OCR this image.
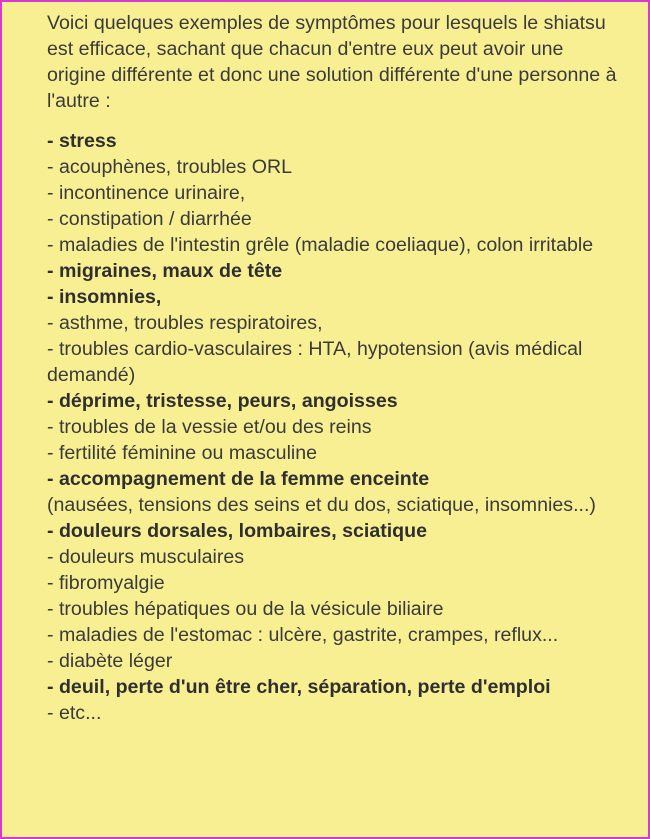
Voici quelques exemples de symptômes pour lesquels le shiatsu est efficace, sachant que chacun d'entre eux peut avoir une origine différente et donc une solution différente d'une personne à l'autre :

- stress
- acouphènes, troubles ORL
- incontinence urinaire,
- constipation / diarrhée
- maladies de l'intestin grêle (maladie coeliaque), colon irritable
- migraines, maux de tête
- insomnies,
- asthme, troubles respiratoires,
- troubles cardio-vasculaires : HTA, hypotension (avis médical demandé)
- déprime, tristesse, peurs, angoisses
- troubles de la vessie et/ou des reins
- fertilité féminine ou masculine
- accompagnement de la femme enceinte
(nausées, tensions des seins et du dos, sciatique, insomnies...)
- douleurs dorsales, lombaires, sciatique
- douleurs musculaires
- fibromyalgie
- troubles hépatiques ou de la vésicule biliaire
- maladies de l'estomac : ulcère, gastrite, crampes, reflux...
- diabète léger
- deuil, perte d'un être cher, séparation, perte d'emploi
- etc...
